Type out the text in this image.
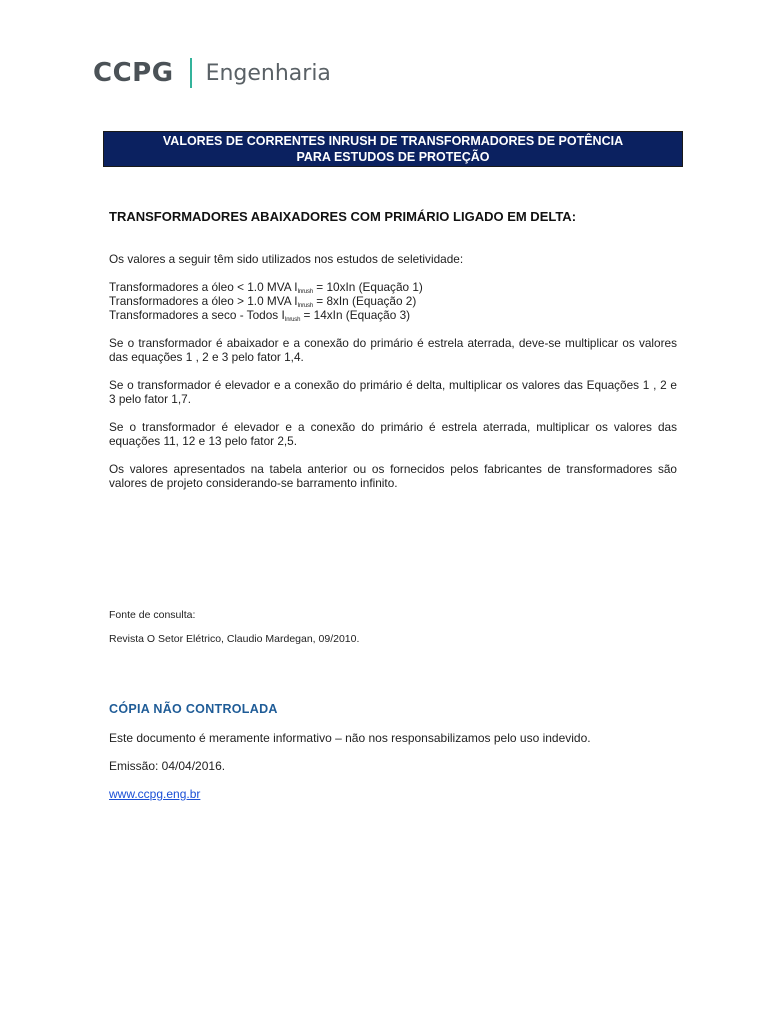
CCPG Engenharia
VALORES DE CORRENTES INRUSH DE TRANSFORMADORES DE POTÊNCIA
PARA ESTUDOS DE PROTEÇÃO
TRANSFORMADORES ABAIXADORES COM PRIMÁRIO LIGADO EM DELTA:

Os valores a seguir têm sido utilizados nos estudos de seletividade:

Transformadores a óleo < 1.0 MVA $I_{Inrush} = 10xIn$ (Equação 1)

Transformadores a óleo > 1.0 MVA $I_{Inrush} = 8xIn$ (Equação 2)

Transformadores a seco - Todos $I_{Inrush} = 14xIn$ (Equação 3)

Se o transformador é abaixador e a conexão do primário é estrela aterrada, deve-se multiplicar os valores das equações 1 , 2 e 3 pelo fator 1,4.

Se o transformador é elevador e a conexão do primário é delta, multiplicar os valores das Equações 1 , 2 e 3 pelo fator 1,7.

Se o transformador é elevador e a conexão do primário é estrela aterrada, multiplicar os valores das equações 11, 12 e 13 pelo fator 2,5.

Os valores apresentados na tabela anterior ou os fornecidos pelos fabricantes de transformadores são valores de projeto considerando-se barramento infinito.

Fonte de consulta:
Revista O Setor Elétrico, Claudio Mardegan, 09/2010.
CÓPIA NÃO CONTROLADA
Este documento é meramente informativo – não nos responsabilizamos pelo uso indevido.
Emissão: 04/04/2016.
www.ccpg.eng.br
